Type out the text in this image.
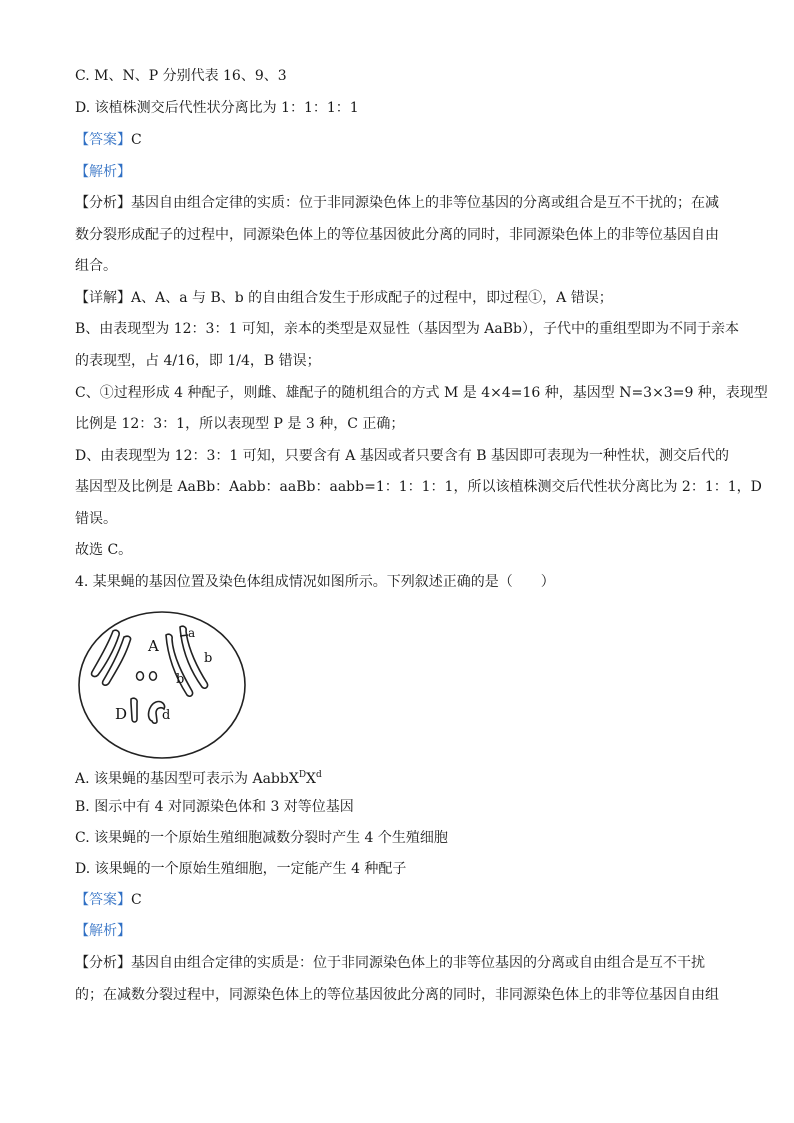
C. M、N、P 分别代表 16、9、3
D. 该植株测交后代性状分离比为 1：1：1：1
【答案】C
【解析】
【分析】基因自由组合定律的实质：位于非同源染色体上的非等位基因的分离或组合是互不干扰的；在减
数分裂形成配子的过程中，同源染色体上的等位基因彼此分离的同时，非同源染色体上的非等位基因自由
组合。
【详解】A、A、a 与 B、b 的自由组合发生于形成配子的过程中，即过程①，A 错误；
B、由表现型为 12：3：1 可知，亲本的类型是双显性（基因型为 AaBb），子代中的重组型即为不同于亲本
的表现型，占 4/16，即 1/4，B 错误；
C、①过程形成 4 种配子，则雌、雄配子的随机组合的方式 M 是 4×4=16 种，基因型 N=3×3=9 种，表现型
比例是 12：3：1，所以表现型 P 是 3 种，C 正确；
D、由表现型为 12：3：1 可知，只要含有 A 基因或者只要含有 B 基因即可表现为一种性状，测交后代的
基因型及比例是 AaBb：Aabb：aaBb：aabb=1：1：1：1，所以该植株测交后代性状分离比为 2：1：1，D
错误。
故选 C。
4. 某果蝇的基因位置及染色体组成情况如图所示。下列叙述正确的是（　　）
A
a
b
b
D	d
A. 该果蝇的基因型可表示为 $AabbX^DX^d$
B. 图示中有 4 对同源染色体和 3 对等位基因
C. 该果蝇的一个原始生殖细胞减数分裂时产生 4 个生殖细胞
D. 该果蝇的一个原始生殖细胞，一定能产生 4 种配子
【答案】C
【解析】
【分析】基因自由组合定律的实质是：位于非同源染色体上的非等位基因的分离或自由组合是互不干扰
的；在减数分裂过程中，同源染色体上的等位基因彼此分离的同时，非同源染色体上的非等位基因自由组
